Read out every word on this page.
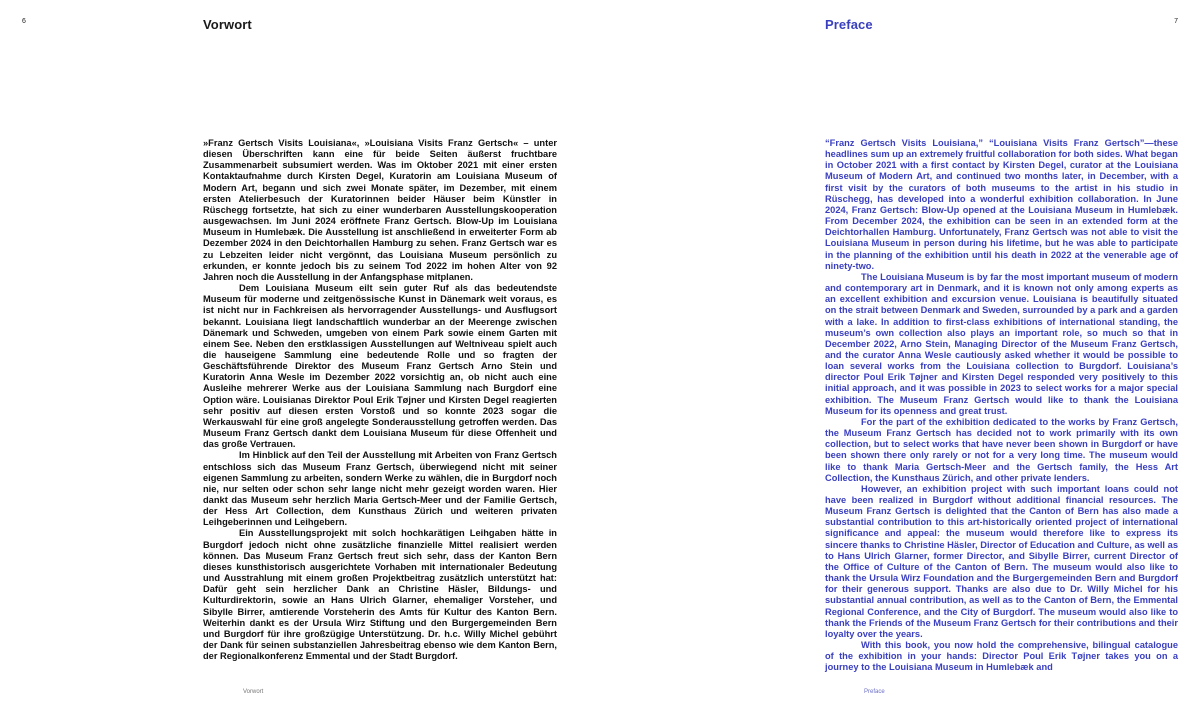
6	Vorwort

»Franz Gertsch Visits Louisiana«, »Louisiana Visits Franz Gertsch« – unter diesen Überschriften kann eine für beide Seiten äußerst fruchtbare Zusammenarbeit subsumiert werden. Was im Oktober 2021 mit einer ersten Kontaktaufnahme durch Kirsten Degel, Kuratorin am Louisiana Museum of Modern Art, begann und sich zwei Monate später, im Dezember, mit einem ersten Atelierbesuch der Kuratorinnen beider Häuser beim Künstler in Rüschegg fortsetzte, hat sich zu einer wunderbaren Ausstellungskooperation ausgewachsen. Im Juni 2024 eröffnete Franz Gertsch. Blow-Up im Louisiana Museum in Humlebæk. Die Ausstellung ist anschließend in erweiterter Form ab Dezember 2024 in den Deichtorhallen Hamburg zu sehen. Franz Gertsch war es zu Lebzeiten leider nicht vergönnt, das Louisiana Museum persönlich zu erkunden, er konnte jedoch bis zu seinem Tod 2022 im hohen Alter von 92 Jahren noch die Ausstellung in der Anfangsphase mitplanen.

Dem Louisiana Museum eilt sein guter Ruf als das bedeutendste Museum für moderne und zeitgenössische Kunst in Dänemark weit voraus, es ist nicht nur in Fachkreisen als hervorragender Ausstellungs- und Ausflugsort bekannt. Louisiana liegt landschaftlich wunderbar an der Meerenge zwischen Dänemark und Schweden, umgeben von einem Park sowie einem Garten mit einem See. Neben den erstklassigen Ausstellungen auf Weltniveau spielt auch die hauseigene Sammlung eine bedeutende Rolle und so fragten der Geschäftsführende Direktor des Museum Franz Gertsch Arno Stein und Kuratorin Anna Wesle im Dezember 2022 vorsichtig an, ob nicht auch eine Ausleihe mehrerer Werke aus der Louisiana Sammlung nach Burgdorf eine Option wäre. Louisianas Direktor Poul Erik Tøjner und Kirsten Degel reagierten sehr positiv auf diesen ersten Vorstoß und so konnte 2023 sogar die Werkauswahl für eine groß angelegte Sonderausstellung getroffen werden. Das Museum Franz Gertsch dankt dem Louisiana Museum für diese Offenheit und das große Vertrauen.

Im Hinblick auf den Teil der Ausstellung mit Arbeiten von Franz Gertsch entschloss sich das Museum Franz Gertsch, überwiegend nicht mit seiner eigenen Sammlung zu arbeiten, sondern Werke zu wählen, die in Burgdorf noch nie, nur selten oder schon sehr lange nicht mehr gezeigt worden waren. Hier dankt das Museum sehr herzlich Maria Gertsch-Meer und der Familie Gertsch, der Hess Art Collection, dem Kunsthaus Zürich und weiteren privaten Leihgeberinnen und Leihgebern.

Ein Ausstellungsprojekt mit solch hochkarätigen Leihgaben hätte in Burgdorf jedoch nicht ohne zusätzliche finanzielle Mittel realisiert werden können. Das Museum Franz Gertsch freut sich sehr, dass der Kanton Bern dieses kunsthistorisch ausgerichtete Vorhaben mit internationaler Bedeutung und Ausstrahlung mit einem großen Projektbeitrag zusätzlich unterstützt hat: Dafür geht sein herzlicher Dank an Christine Häsler, Bildungs- und Kulturdirektorin, sowie an Hans Ulrich Glarner, ehemaliger Vorsteher, und Sibylle Birrer, amtierende Vorsteherin des Amts für Kultur des Kanton Bern. Weiterhin dankt es der Ursula Wirz Stiftung und den Burgergemeinden Bern und Burgdorf für ihre großzügige Unterstützung. Dr. h.c. Willy Michel gebührt der Dank für seinen substanziellen Jahresbeitrag ebenso wie dem Kanton Bern, der Regionalkonferenz Emmental und der Stadt Burgdorf.

Vorwort
7
Preface

“Franz Gertsch Visits Louisiana,” “Louisiana Visits Franz Gertsch”—these headlines sum up an extremely fruitful collaboration for both sides. What began in October 2021 with a first contact by Kirsten Degel, curator at the Louisiana Museum of Modern Art, and continued two months later, in December, with a first visit by the curators of both museums to the artist in his studio in Rüschegg, has developed into a wonderful exhibition collaboration. In June 2024, Franz Gertsch: Blow-Up opened at the Louisiana Museum in Humlebæk. From December 2024, the exhibition can be seen in an extended form at the Deichtorhallen Hamburg. Unfortunately, Franz Gertsch was not able to visit the Louisiana Museum in person during his lifetime, but he was able to participate in the planning of the exhibition until his death in 2022 at the venerable age of ninety-two.

The Louisiana Museum is by far the most important museum of modern and contemporary art in Denmark, and it is known not only among experts as an excellent exhibition and excursion venue. Louisiana is beautifully situated on the strait between Denmark and Sweden, surrounded by a park and a garden with a lake. In addition to first-class exhibitions of international standing, the museum’s own collection also plays an important role, so much so that in December 2022, Arno Stein, Managing Director of the Museum Franz Gertsch, and the curator Anna Wesle cautiously asked whether it would be possible to loan several works from the Louisiana collection to Burgdorf. Louisiana’s director Poul Erik Tøjner and Kirsten Degel responded very positively to this initial approach, and it was possible in 2023 to select works for a major special exhibition. The Museum Franz Gertsch would like to thank the Louisiana Museum for its openness and great trust.

For the part of the exhibition dedicated to the works by Franz Gertsch, the Museum Franz Gertsch has decided not to work primarily with its own collection, but to select works that have never been shown in Burgdorf or have been shown there only rarely or not for a very long time. The museum would like to thank Maria Gertsch-Meer and the Gertsch family, the Hess Art Collection, the Kunsthaus Zürich, and other private lenders.

However, an exhibition project with such important loans could not have been realized in Burgdorf without additional financial resources. The Museum Franz Gertsch is delighted that the Canton of Bern has also made a substantial contribution to this art-historically oriented project of international significance and appeal: the museum would therefore like to express its sincere thanks to Christine Häsler, Director of Education and Culture, as well as to Hans Ulrich Glarner, former Director, and Sibylle Birrer, current Director of the Office of Culture of the Canton of Bern. The museum would also like to thank the Ursula Wirz Foundation and the Burgergemeinden Bern and Burgdorf for their generous support. Thanks are also due to Dr. Willy Michel for his substantial annual contribution, as well as to the Canton of Bern, the Emmental Regional Conference, and the City of Burgdorf. The museum would also like to thank the Friends of the Museum Franz Gertsch for their contributions and their loyalty over the years.

With this book, you now hold the comprehensive, bilingual catalogue of the exhibition in your hands: Director Poul Erik Tøjner takes you on a journey to the Louisiana Museum in Humlebæk and

Preface
